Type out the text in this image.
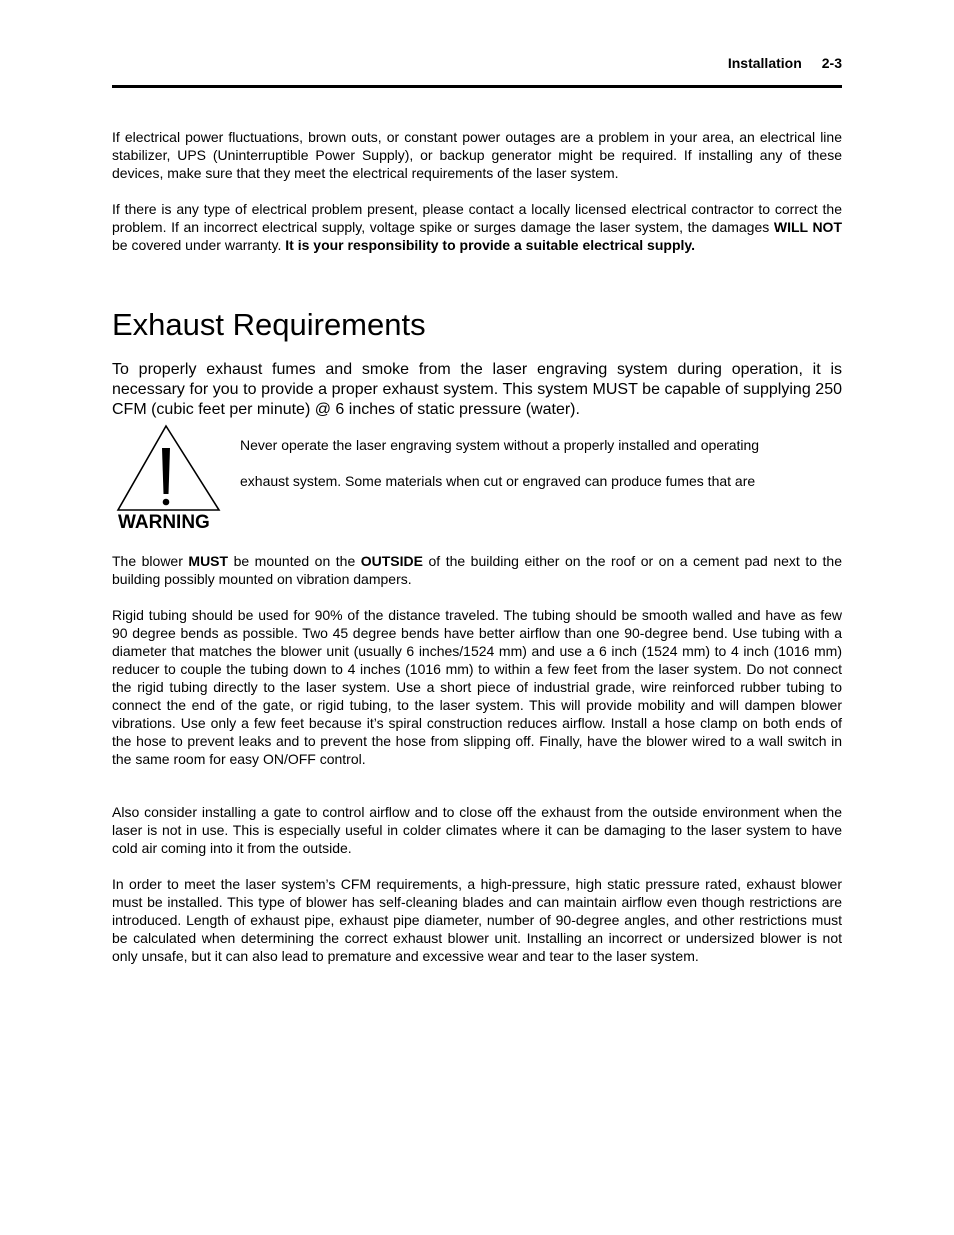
Installation 2-3

If electrical power fluctuations, brown outs, or constant power outages are a problem in your area, an electrical line stabilizer, UPS (Uninterruptible Power Supply), or backup generator might be required. If installing any of these devices, make sure that they meet the electrical requirements of the laser system.

If there is any type of electrical problem present, please contact a locally licensed electrical contractor to correct the problem. If an incorrect electrical supply, voltage spike or surges damage the laser system, the damages WILL NOT be covered under warranty. It is your responsibility to provide a suitable electrical supply.

Exhaust Requirements

To properly exhaust fumes and smoke from the laser engraving system during operation, it is necessary for you to provide a proper exhaust system. This system MUST be capable of supplying 250 CFM (cubic feet per minute) @ 6 inches of static pressure (water).

WARNING
Never operate the laser engraving system without a properly installed and operating
exhaust system. Some materials when cut or engraved can produce fumes that are

The blower MUST be mounted on the OUTSIDE of the building either on the roof or on a cement pad next to the building possibly mounted on vibration dampers.

Rigid tubing should be used for 90% of the distance traveled. The tubing should be smooth walled and have as few 90 degree bends as possible. Two 45 degree bends have better airflow than one 90-degree bend. Use tubing with a diameter that matches the blower unit (usually 6 inches/1524 mm) and use a 6 inch (1524 mm) to 4 inch (1016 mm) reducer to couple the tubing down to 4 inches (1016 mm) to within a few feet from the laser system. Do not connect the rigid tubing directly to the laser system. Use a short piece of industrial grade, wire reinforced rubber tubing to connect the end of the gate, or rigid tubing, to the laser system. This will provide mobility and will dampen blower vibrations. Use only a few feet because it’s spiral construction reduces airflow. Install a hose clamp on both ends of the hose to prevent leaks and to prevent the hose from slipping off. Finally, have the blower wired to a wall switch in the same room for easy ON/OFF control.

Also consider installing a gate to control airflow and to close off the exhaust from the outside environment when the laser is not in use. This is especially useful in colder climates where it can be damaging to the laser system to have cold air coming into it from the outside.

In order to meet the laser system’s CFM requirements, a high-pressure, high static pressure rated, exhaust blower must be installed. This type of blower has self-cleaning blades and can maintain airflow even though restrictions are introduced. Length of exhaust pipe, exhaust pipe diameter, number of 90-degree angles, and other restrictions must be calculated when determining the correct exhaust blower unit. Installing an incorrect or undersized blower is not only unsafe, but it can also lead to premature and excessive wear and tear to the laser system.
